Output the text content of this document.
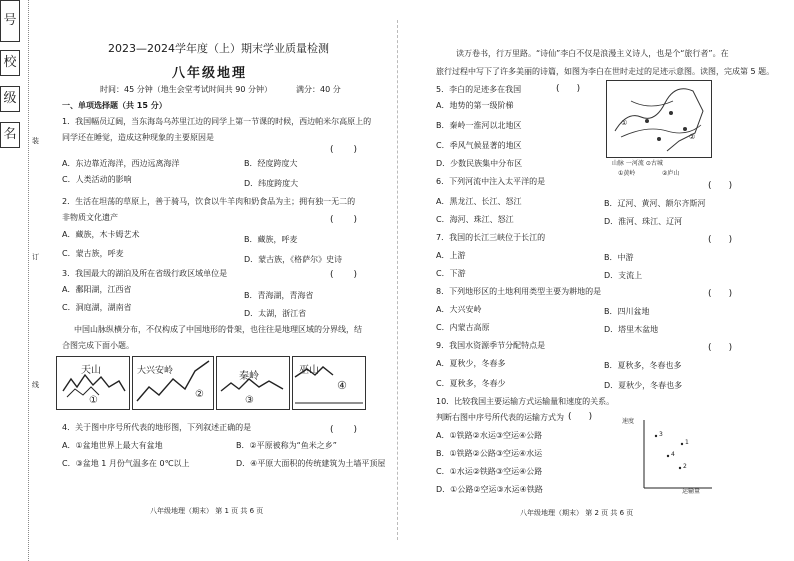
号
校
级
名	装
订
线
2023—2024学年度（上）期末学业质量检测
八年级地理
时间：45 分钟（地生会堂考试时间共 90 分钟）	满分：40 分
一、单项选择题（共 15 分）
1．我国幅员辽阔，当东海岛乌苏里江边的同学上第一节课的时候，西边帕米尔高原上的
同学还在睡觉，造成这种现象的主要原因是
(       )
A．东边靠近海洋，西边远离海洋	B．经度跨度大
C．人类活动的影响	D．纬度跨度大
2．生活在坦荡的草原上，善于骑马，饮食以牛羊肉和奶食品为主；拥有独一无二的
非物质文化遗产	(       )
A．藏族，木卡姆艺术
B．藏族，呼麦
C．蒙古族，呼麦
D．蒙古族，《格萨尔》史诗
3．我国最大的湖泊及所在省级行政区域单位是	(       )
A．鄱阳湖，江西省
B．青海湖，青海省
C．洞庭湖，湖南省
D．太湖，浙江省
中国山脉纵横分布，不仅构成了中国地形的骨架，也往往是地理区域的分界线，结
合图完成下面小题。
天山
①
大兴安岭
②
秦岭
③
巫山
④
4．关于图中序号所代表的地形图，下列叙述正确的是	(       )
A．①盆地世界上最大有盆地	B．②平原被称为“鱼米之乡”
C．③盆地 1 月份气温多在 0℃以上	D．④平原大面积的传统建筑为土墙平顶屋
八年级地理（期末） 第 1 页 共 6 页
读万卷书，行万里路。“诗仙”李白不仅是浪漫主义诗人，也是个“旅行者”。在
旅行过程中写下了许多美丽的诗篇，如图为李白在世时走过的足迹示意图。读图，完成第 5 题。
5．李白的足迹多在我国	(      )
①
②
山脉 一河流 ⊙古城
①黄岭	②庐山
A．地势的第一级阶梯
B．秦岭一淮河以北地区
C．季风气候显著的地区
D．少数民族集中分布区
6．下列河流中注入太平洋的是	(      )
A．黑龙江、长江、怒江	B．辽河、黄河、额尔齐斯河
C．海河、珠江、怒江	D．淮河、珠江、辽河
7．我国的长江三峡位于长江的	(      )
A．上游	B．中游
C．下游	D．支流上
8．下列地形区的土地利用类型主要为耕地的是	(      )
A．大兴安岭	B．四川盆地
C．内蒙古高原	D．塔里木盆地
9．我国水资源季节分配特点是	(      )
A．夏秋少，冬春多	B．夏秋多，冬春也多
C．夏秋多，冬春少	D．夏秋少，冬春也多
10．比较我国主要运输方式运输量和速度的关系。
判断右图中序号所代表的运输方式为 (      )
A．①铁路②水运③空运④公路
B．①铁路②公路③空运④水运
C．①水运②铁路③空运④公路
D．①公路②空运③水运④铁路
速度
运输量
3
1
2
4
八年级地理（期末） 第 2 页 共 6 页
